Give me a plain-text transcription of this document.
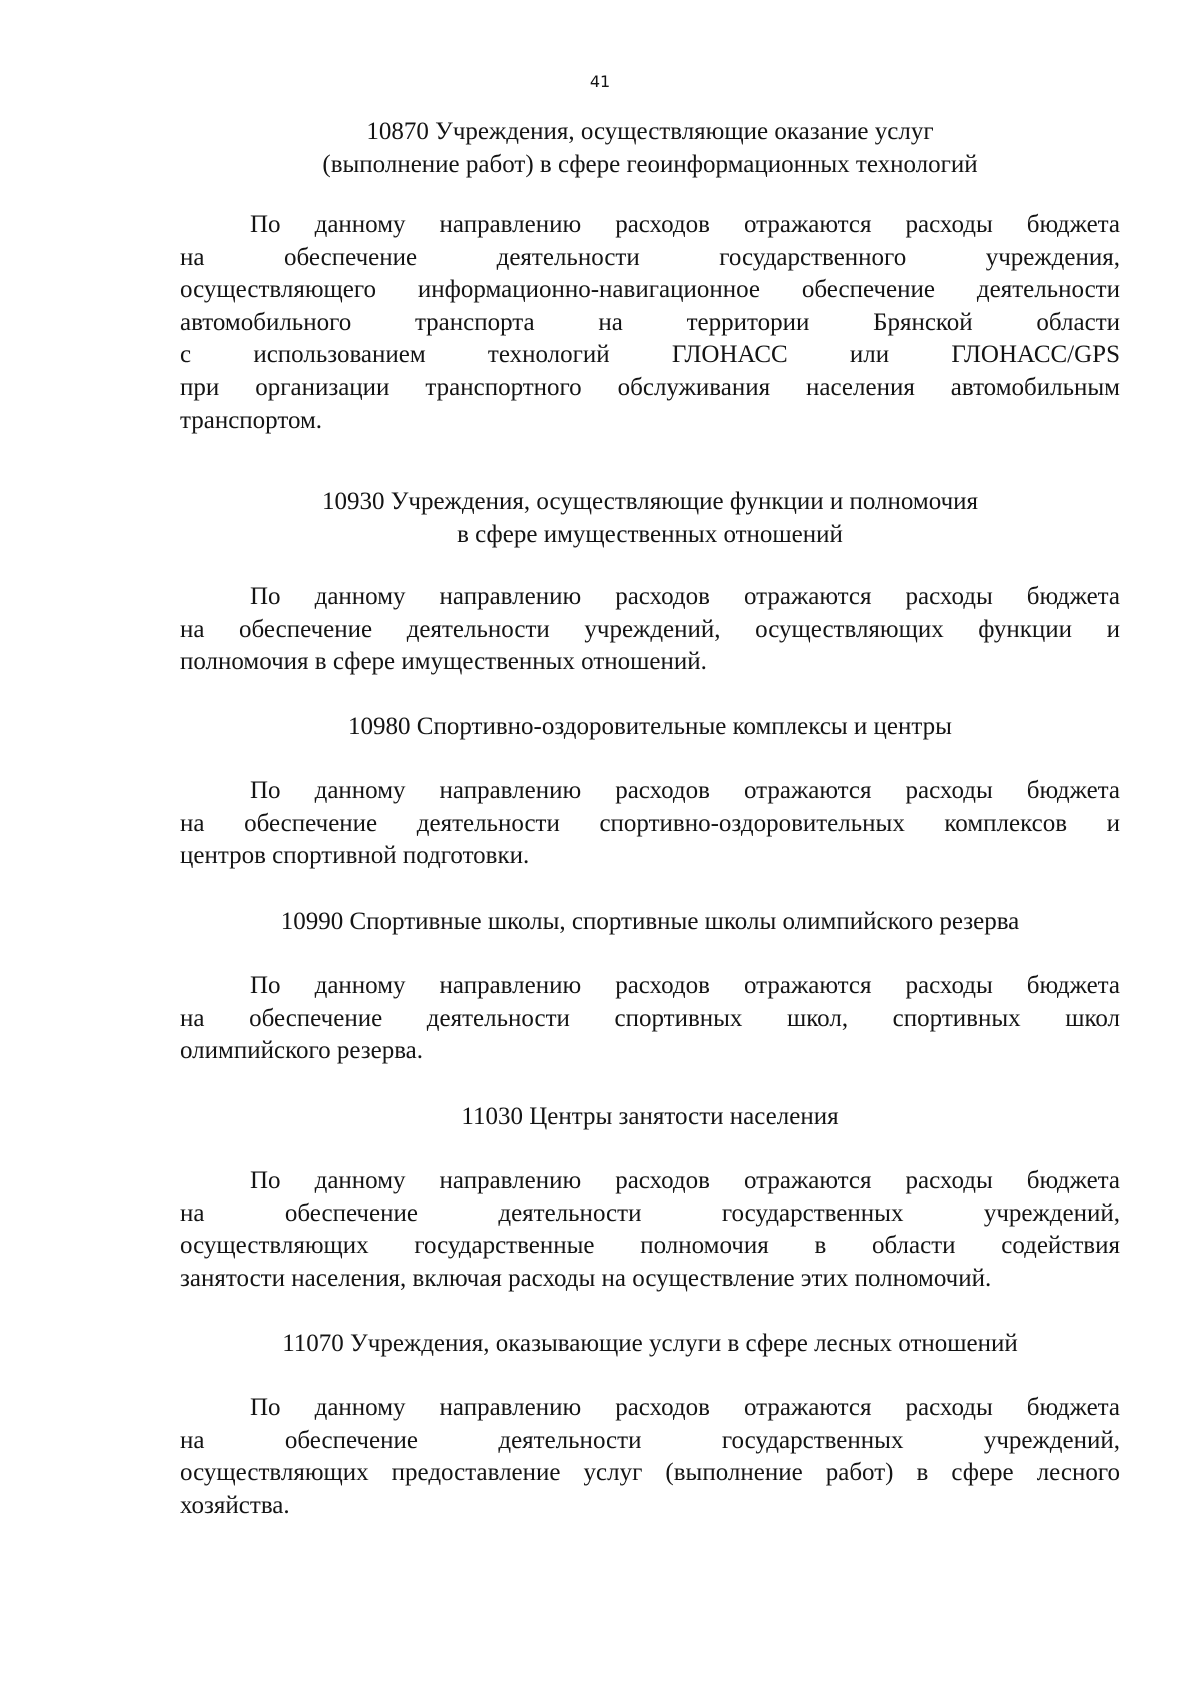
41
10870 Учреждения, осуществляющие оказание услуг
(выполнение работ) в сфере геоинформационных технологий
По данному направлению расходов отражаются расходы бюджета
на обеспечение деятельности государственного учреждения,
осуществляющего информационно-навигационное обеспечение деятельности
автомобильного транспорта на территории Брянской области
с использованием технологий ГЛОНАСС или ГЛОНАСС/GPS
при организации транспортного обслуживания населения автомобильным
транспортом.
10930 Учреждения, осуществляющие функции и полномочия
в сфере имущественных отношений
По данному направлению расходов отражаются расходы бюджета
на обеспечение деятельности учреждений, осуществляющих функции и
полномочия в сфере имущественных отношений.
10980 Спортивно-оздоровительные комплексы и центры
По данному направлению расходов отражаются расходы бюджета
на обеспечение деятельности спортивно-оздоровительных комплексов и
центров спортивной подготовки.
10990 Спортивные школы, спортивные школы олимпийского резерва
По данному направлению расходов отражаются расходы бюджета
на обеспечение деятельности спортивных школ, спортивных школ
олимпийского резерва.
11030 Центры занятости населения
По данному направлению расходов отражаются расходы бюджета
на обеспечение деятельности государственных учреждений,
осуществляющих государственные полномочия в области содействия
занятости населения, включая расходы на осуществление этих полномочий.
11070 Учреждения, оказывающие услуги в сфере лесных отношений
По данному направлению расходов отражаются расходы бюджета
на обеспечение деятельности государственных учреждений,
осуществляющих предоставление услуг (выполнение работ) в сфере лесного
хозяйства.
